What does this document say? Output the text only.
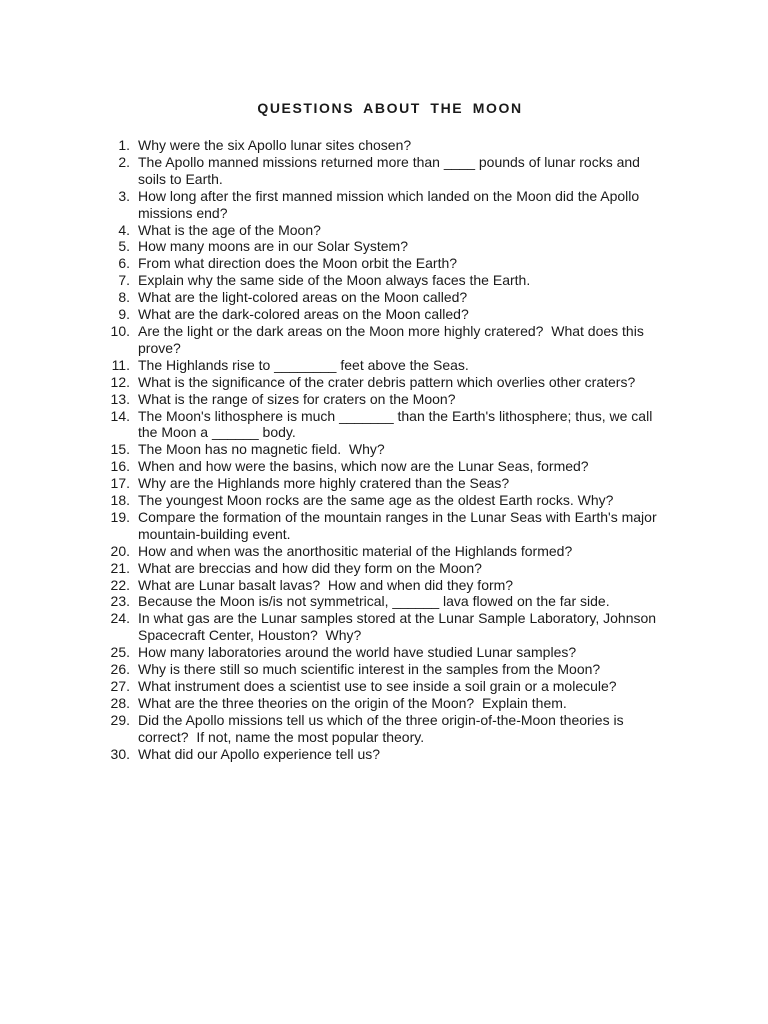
QUESTIONS ABOUT THE MOON
1. Why were the six Apollo lunar sites chosen?
2. The Apollo manned missions returned more than ____ pounds of lunar rocks and soils to Earth.
3. How long after the first manned mission which landed on the Moon did the Apollo missions end?
4. What is the age of the Moon?
5. How many moons are in our Solar System?
6. From what direction does the Moon orbit the Earth?
7. Explain why the same side of the Moon always faces the Earth.
8. What are the light-colored areas on the Moon called?
9. What are the dark-colored areas on the Moon called?
10. Are the light or the dark areas on the Moon more highly cratered?  What does this prove?
11. The Highlands rise to ________ feet above the Seas.
12. What is the significance of the crater debris pattern which overlies other craters?
13. What is the range of sizes for craters on the Moon?
14. The Moon's lithosphere is much _______ than the Earth's lithosphere; thus, we call the Moon a ______ body.
15. The Moon has no magnetic field.  Why?
16. When and how were the basins, which now are the Lunar Seas, formed?
17. Why are the Highlands more highly cratered than the Seas?
18. The youngest Moon rocks are the same age as the oldest Earth rocks. Why?
19. Compare the formation of the mountain ranges in the Lunar Seas with Earth's major mountain-building event.
20. How and when was the anorthositic material of the Highlands formed?
21. What are breccias and how did they form on the Moon?
22. What are Lunar basalt lavas?  How and when did they form?
23. Because the Moon is/is not symmetrical, ______ lava flowed on the far side.
24. In what gas are the Lunar samples stored at the Lunar Sample Laboratory, Johnson Spacecraft Center, Houston?  Why?
25. How many laboratories around the world have studied Lunar samples?
26. Why is there still so much scientific interest in the samples from the Moon?
27. What instrument does a scientist use to see inside a soil grain or a molecule?
28. What are the three theories on the origin of the Moon?  Explain them.
29. Did the Apollo missions tell us which of the three origin-of-the-Moon theories is correct?  If not, name the most popular theory.
30. What did our Apollo experience tell us?
